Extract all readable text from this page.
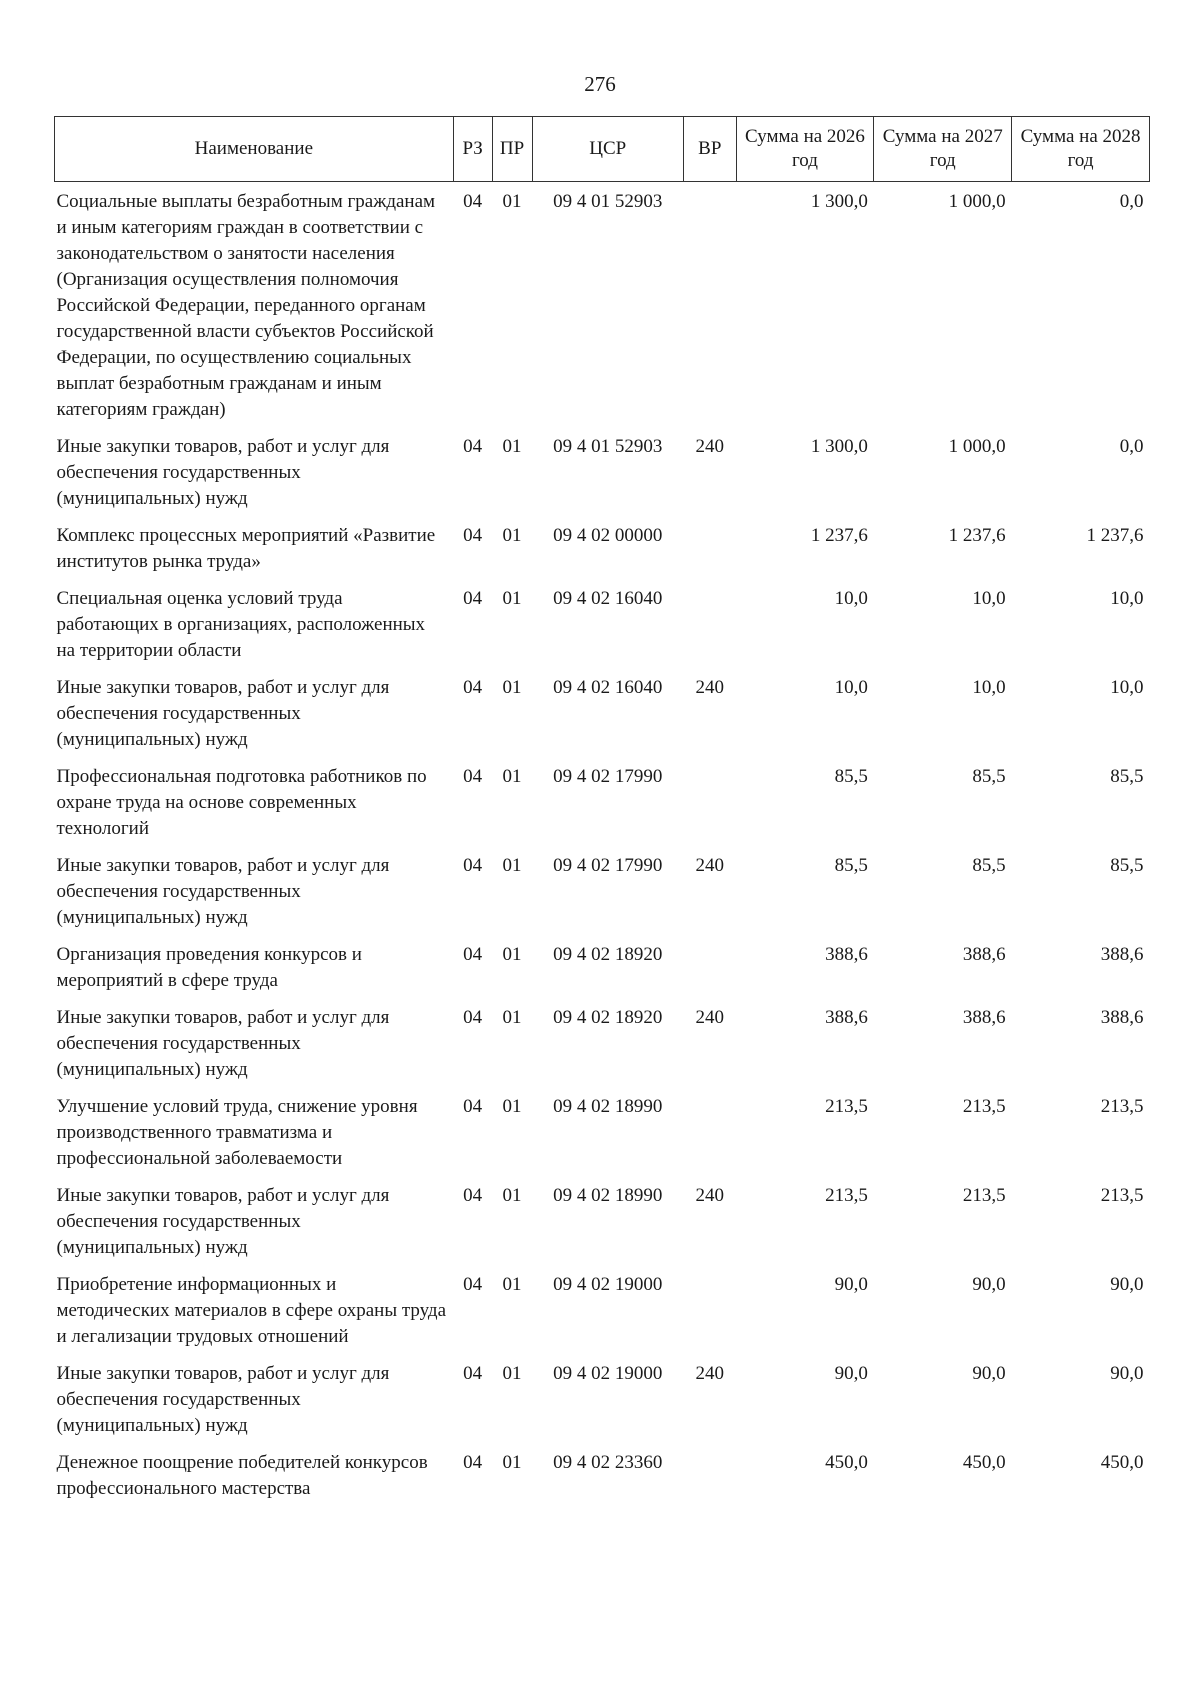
276
Наименование	РЗ	ПР	ЦСР	ВР	Сумма на 2026 год	Сумма на 2027 год	Сумма на 2028 год
Социальные выплаты безработным гражданам и иным категориям граждан в соответствии с законодательством о занятости населения (Организация осуществления полномочия Российской Федерации, переданного органам государственной власти субъектов Российской Федерации, по осуществлению социальных выплат безработным гражданам и иным категориям граждан)	04	01	09 4 01 52903		1 300,0	1 000,0	0,0
Иные закупки товаров, работ и услуг для обеспечения государственных (муниципальных) нужд	04	01	09 4 01 52903	240	1 300,0	1 000,0	0,0
Комплекс процессных мероприятий «Развитие институтов рынка труда»	04	01	09 4 02 00000		1 237,6	1 237,6	1 237,6
Специальная оценка условий труда работающих в организациях, расположенных на территории области	04	01	09 4 02 16040		10,0	10,0	10,0
Иные закупки товаров, работ и услуг для обеспечения государственных (муниципальных) нужд	04	01	09 4 02 16040	240	10,0	10,0	10,0
Профессиональная подготовка работников по охране труда на основе современных технологий	04	01	09 4 02 17990		85,5	85,5	85,5
Иные закупки товаров, работ и услуг для обеспечения государственных (муниципальных) нужд	04	01	09 4 02 17990	240	85,5	85,5	85,5
Организация проведения конкурсов и мероприятий в сфере труда	04	01	09 4 02 18920		388,6	388,6	388,6
Иные закупки товаров, работ и услуг для обеспечения государственных (муниципальных) нужд	04	01	09 4 02 18920	240	388,6	388,6	388,6
Улучшение условий труда, снижение уровня производственного травматизма и профессиональной заболеваемости	04	01	09 4 02 18990		213,5	213,5	213,5
Иные закупки товаров, работ и услуг для обеспечения государственных (муниципальных) нужд	04	01	09 4 02 18990	240	213,5	213,5	213,5
Приобретение информационных и методических материалов в сфере охраны труда и легализации трудовых отношений	04	01	09 4 02 19000		90,0	90,0	90,0
Иные закупки товаров, работ и услуг для обеспечения государственных (муниципальных) нужд	04	01	09 4 02 19000	240	90,0	90,0	90,0
Денежное поощрение победителей конкурсов профессионального мастерства	04	01	09 4 02 23360		450,0	450,0	450,0
